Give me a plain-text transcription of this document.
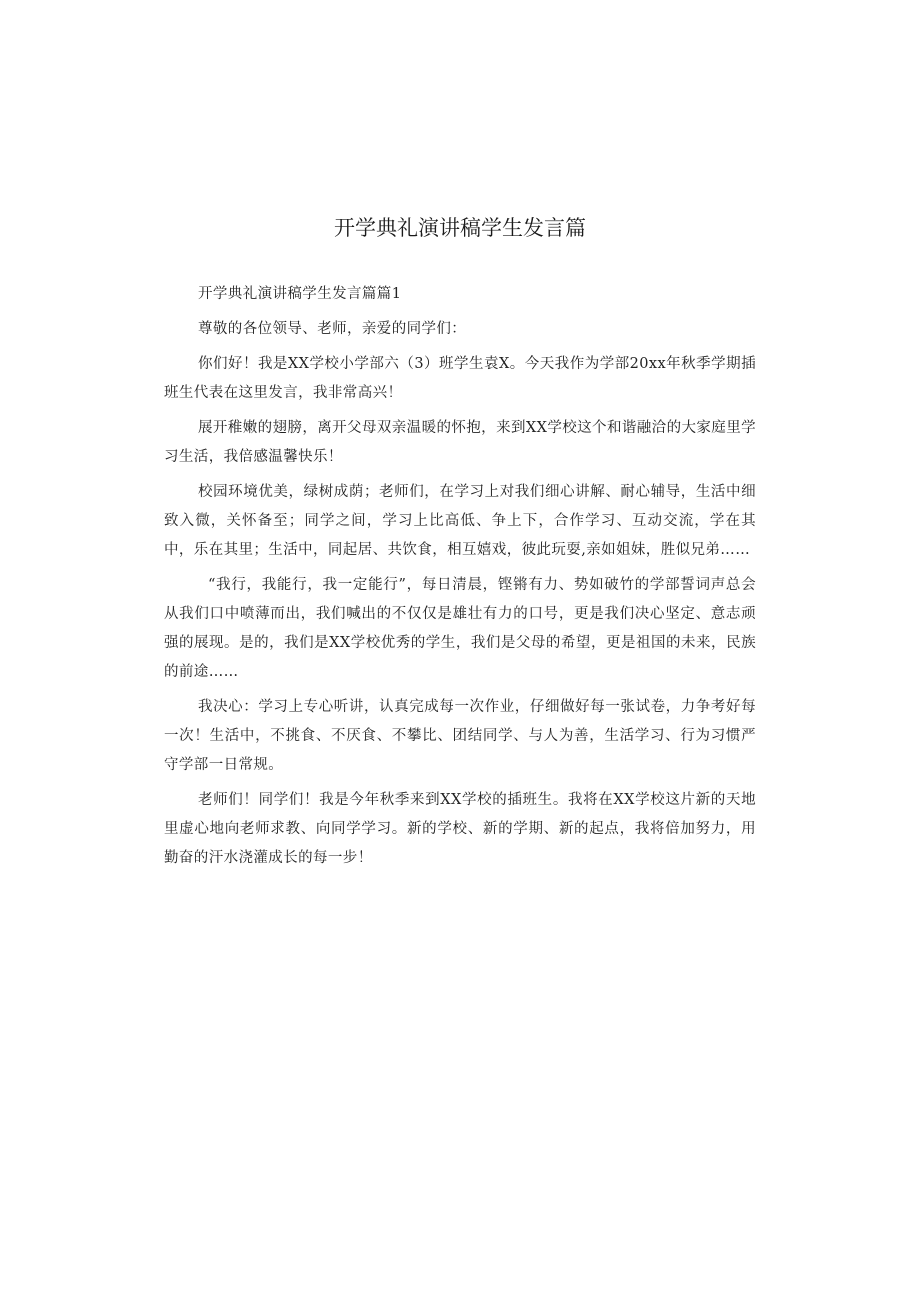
开学典礼演讲稿学生发言篇

开学典礼演讲稿学生发言篇篇1

尊敬的各位领导、老师，亲爱的同学们：

你们好！我是XX学校小学部六（3）班学生袁X。今天我作为学部20xx年秋季学期插班生代表在这里发言，我非常高兴！

展开稚嫩的翅膀，离开父母双亲温暖的怀抱，来到XX学校这个和谐融洽的大家庭里学习生活，我倍感温馨快乐！

校园环境优美，绿树成荫；老师们，在学习上对我们细心讲解、耐心辅导，生活中细致入微，关怀备至；同学之间，学习上比高低、争上下，合作学习、互动交流，学在其中，乐在其里；生活中，同起居、共饮食，相互嬉戏，彼此玩耍,亲如姐妹，胜似兄弟……

“我行，我能行，我一定能行”，每日清晨，铿锵有力、势如破竹的学部誓词声总会从我们口中喷薄而出，我们喊出的不仅仅是雄壮有力的口号，更是我们决心坚定、意志顽强的展现。是的，我们是XX学校优秀的学生，我们是父母的希望，更是祖国的未来，民族的前途……

我决心：学习上专心听讲，认真完成每一次作业，仔细做好每一张试卷，力争考好每一次！生活中，不挑食、不厌食、不攀比、团结同学、与人为善，生活学习、行为习惯严守学部一日常规。

老师们！同学们！我是今年秋季来到XX学校的插班生。我将在XX学校这片新的天地里虚心地向老师求教、向同学学习。新的学校、新的学期、新的起点，我将倍加努力，用勤奋的汗水浇灌成长的每一步！
